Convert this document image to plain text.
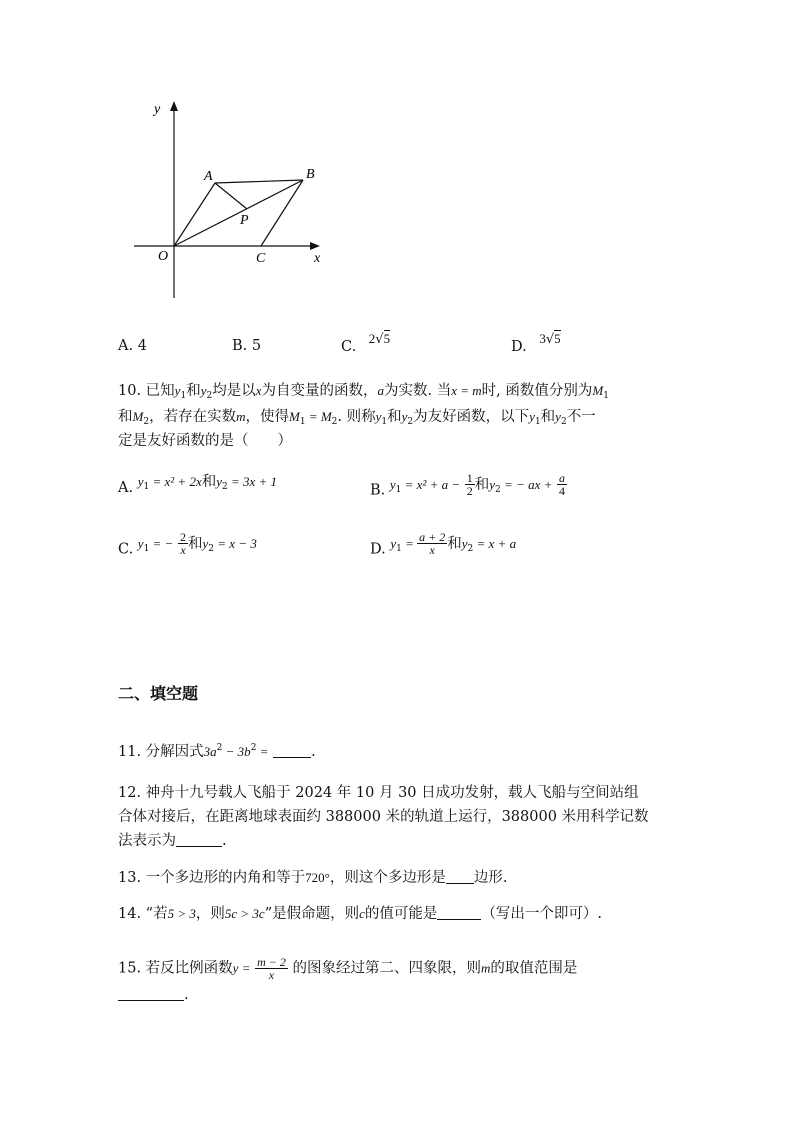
y
x
O
A	B
P
C
A. 4	B. 5	C. 2√5
D. 3√5
10. 已知$y_1$和$y_2$均是以x为自变量的函数，a为实数. 当x = m时, 函数值分别为$M_1$
和$M_2$，若存在实数m，使得$M_1 = M_2$. 则称$y_1$和$y_2$为友好函数，以下$y_1$和$y_2$不一
定是友好函数的是（　　）
A. $y_1 = x^2 + 2x$和$y_2 = 3x + 1$
B. $y_1 = x^2 + a - \frac{1}{2}$ 和$y_2$ = − ax + $\frac{a}{4}$
C. $y_1$ = − $\frac{2}{x}$ 和$y_2 = x - 3$	D. $y_1 = \frac{a + 2}{x}$ 和$y_2 = x + a$
二、填空题
11. 分解因式$3a^2 - 3b^2$ =	.
12. 神舟十九号载人飞船于 2024 年 10 月 30 日成功发射，载人飞船与空间站组
合体对接后，在距离地球表面约 388000 米的轨道上运行，388000 米用科学记数
法表示为	.
13. 一个多边形的内角和等于720°，则这个多边形是 边形.
14. “若5 > 3，则5c > 3c”是假命题，则c的值可能是	（写出一个即可）.
15. 若反比例函数$y = \frac{m - 2}{x}$ 的图象经过第二、四象限，则m的取值范围是
.
